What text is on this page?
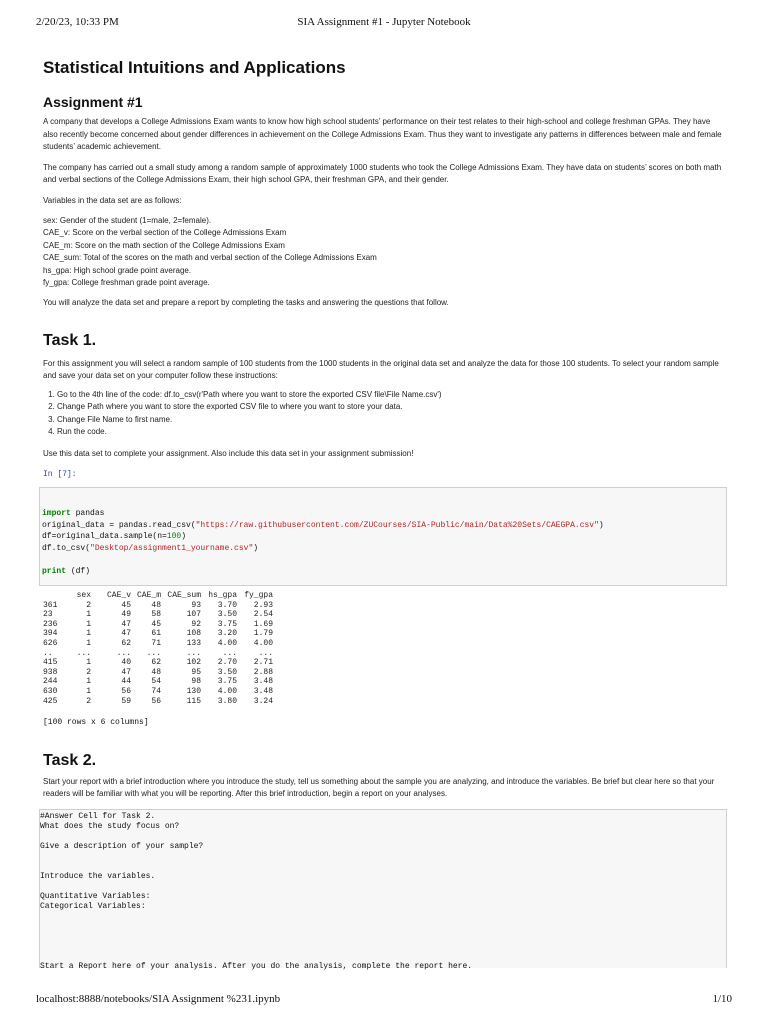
2/20/23, 10:33 PM	SIA Assignment #1 - Jupyter Notebook
Statistical Intuitions and Applications
Assignment #1

A company that develops a College Admissions Exam wants to know how high school students’ performance on their test relates to their high-school and college freshman GPAs. They have also recently become concerned about gender differences in achievement on the College Admissions Exam. Thus they want to investigate any patterns in differences between male and female students’ academic achievement.

The company has carried out a small study among a random sample of approximately 1000 students who took the College Admissions Exam. They have data on students’ scores on both math and verbal sections of the College Admissions Exam, their high school GPA, their freshman GPA, and their gender.

Variables in the data set are as follows:

sex: Gender of the student (1=male, 2=female).
CAE_v: Score on the verbal section of the College Admissions Exam
CAE_m: Score on the math section of the College Admissions Exam
CAE_sum: Total of the scores on the math and verbal section of the College Admissions Exam
hs_gpa: High school grade point average.
fy_gpa: College freshman grade point average.

You will analyze the data set and prepare a report by completing the tasks and answering the questions that follow.

Task 1.

For this assignment you will select a random sample of 100 students from the 1000 students in the original data set and analyze the data for those 100 students. To select your random sample and save your data set on your computer follow these instructions:

1. Go to the 4th line of the code: df.to_csv(r'Path where you want to store the exported CSV file\File Name.csv')
2. Change Path where you want to store the exported CSV file to where you want to store your data.
3. Change File Name to first name.
4. Run the code.

Use this data set to complete your assignment. Also include this data set in your assignment submission!

In [7]:
import pandas
original_data = pandas.read_csv("https://raw.githubusercontent.com/ZUCourses/SIA-Public/main/Data%20Sets/CAEGPA.csv")
df=original_data.sample(n=100)
df.to_csv("Desktop/assignment1_yourname.csv")

print (df)
	sex	CAE_v	CAE_m	CAE_sum	hs_gpa	fy_gpa
361	2	45	48	93	3.70	2.93
23	1	49	58	107	3.50	2.54
236	1	47	45	92	3.75	1.69
394	1	47	61	108	3.20	1.79
626	1	62	71	133	4.00	4.00
..	...	...	...	...	...	...
415	1	40	62	102	2.70	2.71
938	2	47	48	95	3.50	2.88
244	1	44	54	98	3.75	3.48
630	1	56	74	130	4.00	3.48
425	2	59	56	115	3.80	3.24
[100 rows x 6 columns]
Task 2.

Start your report with a brief introduction where you introduce the study, tell us something about the sample you are analyzing, and introduce the variables. Be brief but clear here so that your readers will be familiar with what you will be reporting. After this brief introduction, begin a report on your analyses.

#Answer Cell for Task 2.
What does the study focus on?
Give a description of your sample?
Introduce the variables.
Quantitative Variables:
Categorical Variables:
Start a Report here of your analysis. After you do the analysis, complete the report here.
localhost:8888/notebooks/SIA Assignment %231.ipynb	1/10
